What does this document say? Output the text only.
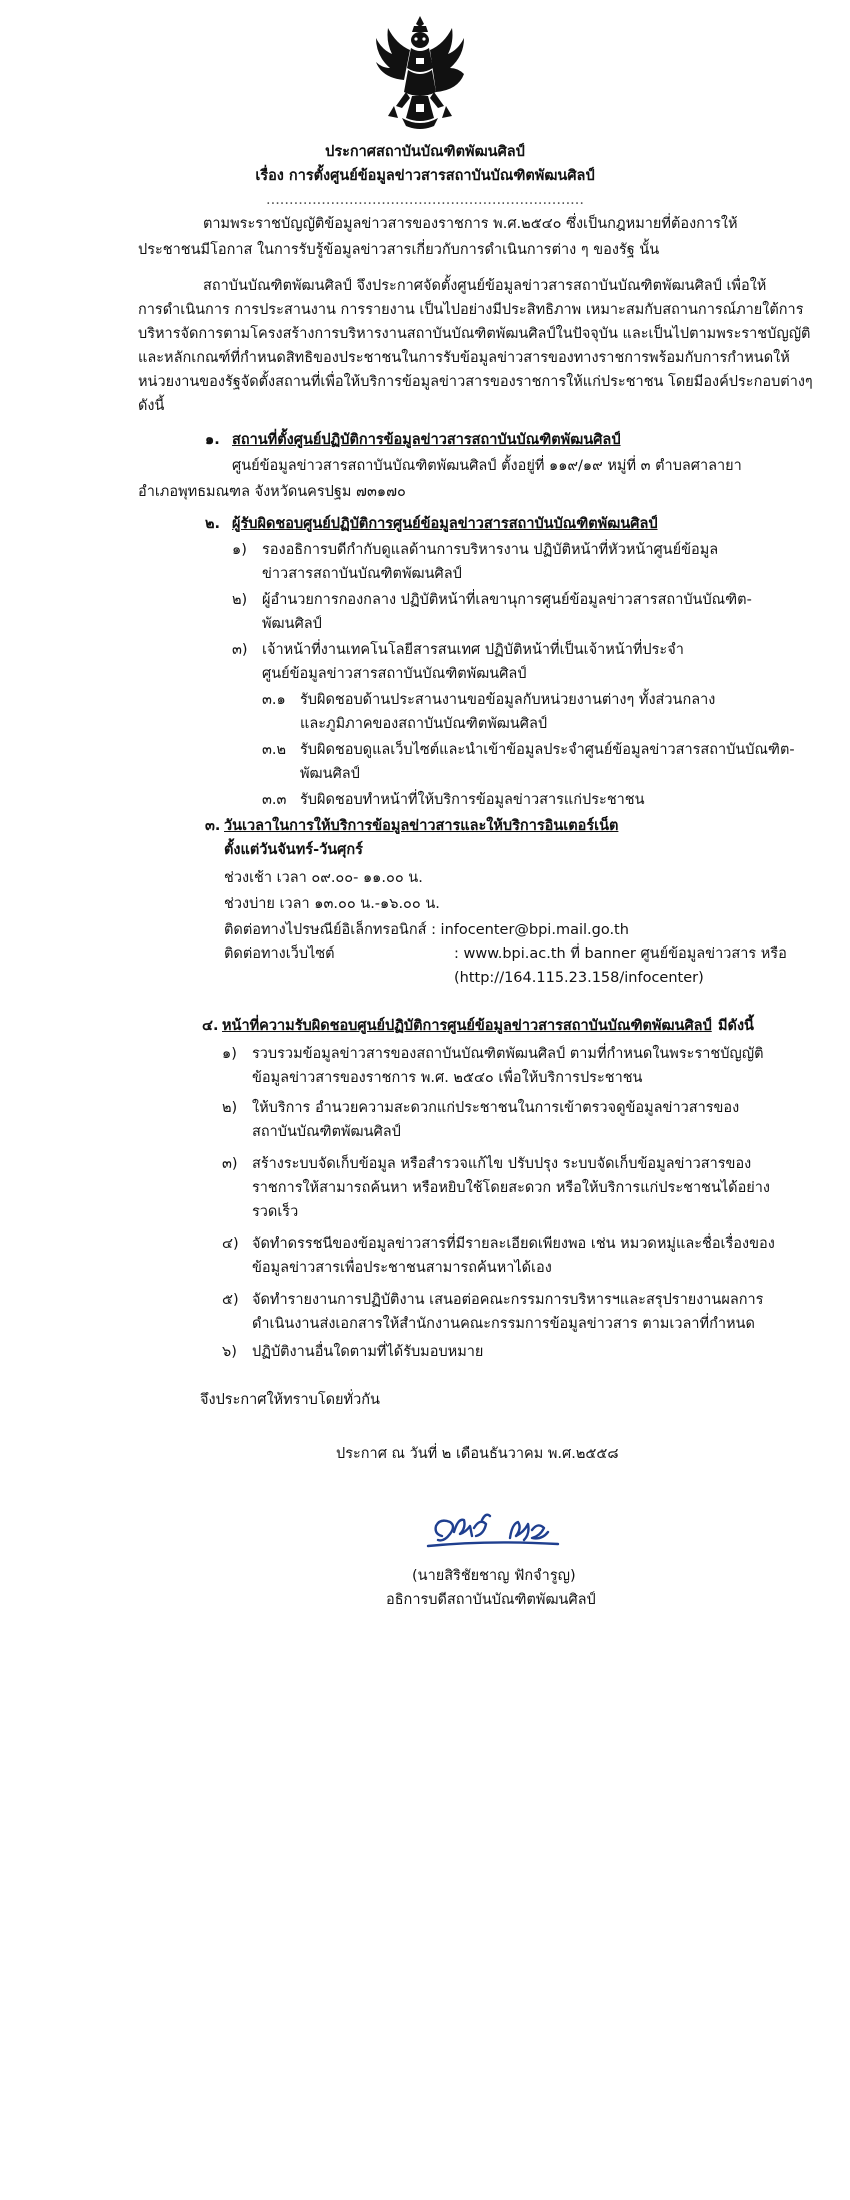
ประกาศสถาบันบัณฑิตพัฒนศิลป์
เรื่อง การตั้งศูนย์ข้อมูลข่าวสารสถาบันบัณฑิตพัฒนศิลป์
.....................................................................
ตามพระราชบัญญัติข้อมูลข่าวสารของราชการ พ.ศ.๒๕๔๐ ซึ่งเป็นกฎหมายที่ต้องการให้
ประชาชนมีโอกาส ในการรับรู้ข้อมูลข่าวสารเกี่ยวกับการดำเนินการต่าง ๆ ของรัฐ นั้น
สถาบันบัณฑิตพัฒนศิลป์ จึงประกาศจัดตั้งศูนย์ข้อมูลข่าวสารสถาบันบัณฑิตพัฒนศิลป์ เพื่อให้
การดำเนินการ การประสานงาน การรายงาน เป็นไปอย่างมีประสิทธิภาพ เหมาะสมกับสถานการณ์ภายใต้การ
บริหารจัดการตามโครงสร้างการบริหารงานสถาบันบัณฑิตพัฒนศิลป์ในปัจจุบัน และเป็นไปตามพระราชบัญญัติ
และหลักเกณฑ์ที่กำหนดสิทธิของประชาชนในการรับข้อมูลข่าวสารของทางราชการพร้อมกับการกำหนดให้
หน่วยงานของรัฐจัดตั้งสถานที่เพื่อให้บริการข้อมูลข่าวสารของราชการให้แก่ประชาชน โดยมีองค์ประกอบต่างๆ
ดังนี้
๑. สถานที่ตั้งศูนย์ปฏิบัติการข้อมูลข่าวสารสถาบันบัณฑิตพัฒนศิลป์
ศูนย์ข้อมูลข่าวสารสถาบันบัณฑิตพัฒนศิลป์ ตั้งอยู่ที่ ๑๑๙/๑๙ หมู่ที่ ๓ ตำบลศาลายา
อำเภอพุทธมณฑล จังหวัดนครปฐม ๗๓๑๗๐
๒. ผู้รับผิดชอบศูนย์ปฏิบัติการศูนย์ข้อมูลข่าวสารสถาบันบัณฑิตพัฒนศิลป์
๑) รองอธิการบดีกำกับดูแลด้านการบริหารงาน ปฏิบัติหน้าที่หัวหน้าศูนย์ข้อมูล
ข่าวสารสถาบันบัณฑิตพัฒนศิลป์
๒) ผู้อำนวยการกองกลาง ปฏิบัติหน้าที่เลขานุการศูนย์ข้อมูลข่าวสารสถาบันบัณฑิต-
พัฒนศิลป์
๓) เจ้าหน้าที่งานเทคโนโลยีสารสนเทศ ปฏิบัติหน้าที่เป็นเจ้าหน้าที่ประจำ
ศูนย์ข้อมูลข่าวสารสถาบันบัณฑิตพัฒนศิลป์
๓.๑ รับผิดชอบด้านประสานงานขอข้อมูลกับหน่วยงานต่างๆ ทั้งส่วนกลาง
และภูมิภาคของสถาบันบัณฑิตพัฒนศิลป์
๓.๒ รับผิดชอบดูแลเว็บไซต์และนำเข้าข้อมูลประจำศูนย์ข้อมูลข่าวสารสถาบันบัณฑิต-
พัฒนศิลป์
๓.๓ รับผิดชอบทำหน้าที่ให้บริการข้อมูลข่าวสารแก่ประชาชน
๓. วันเวลาในการให้บริการข้อมูลข่าวสารและให้บริการอินเตอร์เน็ต
ตั้งแต่วันจันทร์-วันศุกร์
ช่วงเช้า เวลา ๐๙.๐๐- ๑๑.๐๐ น.
ช่วงบ่าย เวลา ๑๓.๐๐ น.-๑๖.๐๐ น.
ติดต่อทางไปรษณีย์อิเล็กทรอนิกส์ : infocenter@bpi.mail.go.th
ติดต่อทางเว็บไซต์	: www.bpi.ac.th ที่ banner ศูนย์ข้อมูลข่าวสาร หรือ
(http://164.115.23.158/infocenter)
๔. หน้าที่ความรับผิดชอบศูนย์ปฏิบัติการศูนย์ข้อมูลข่าวสารสถาบันบัณฑิตพัฒนศิลป์ มีดังนี้
๑) รวบรวมข้อมูลข่าวสารของสถาบันบัณฑิตพัฒนศิลป์ ตามที่กำหนดในพระราชบัญญัติ
ข้อมูลข่าวสารของราชการ พ.ศ. ๒๕๔๐ เพื่อให้บริการประชาชน
๒) ให้บริการ อำนวยความสะดวกแก่ประชาชนในการเข้าตรวจดูข้อมูลข่าวสารของ
สถาบันบัณฑิตพัฒนศิลป์
๓) สร้างระบบจัดเก็บข้อมูล หรือสำรวจแก้ไข ปรับปรุง ระบบจัดเก็บข้อมูลข่าวสารของ
ราชการให้สามารถค้นหา หรือหยิบใช้โดยสะดวก หรือให้บริการแก่ประชาชนได้อย่าง
รวดเร็ว
๔) จัดทำดรรชนีของข้อมูลข่าวสารที่มีรายละเอียดเพียงพอ เช่น หมวดหมู่และชื่อเรื่องของ
ข้อมูลข่าวสารเพื่อประชาชนสามารถค้นหาได้เอง
๕) จัดทำรายงานการปฏิบัติงาน เสนอต่อคณะกรรมการบริหารฯและสรุปรายงานผลการ
ดำเนินงานส่งเอกสารให้สำนักงานคณะกรรมการข้อมูลข่าวสาร ตามเวลาที่กำหนด
๖) ปฏิบัติงานอื่นใดตามที่ได้รับมอบหมาย
จึงประกาศให้ทราบโดยทั่วกัน
ประกาศ ณ วันที่ ๒ เดือนธันวาคม พ.ศ.๒๕๕๘
(นายสิริชัยชาญ ฟักจำรูญ)
อธิการบดีสถาบันบัณฑิตพัฒนศิลป์
